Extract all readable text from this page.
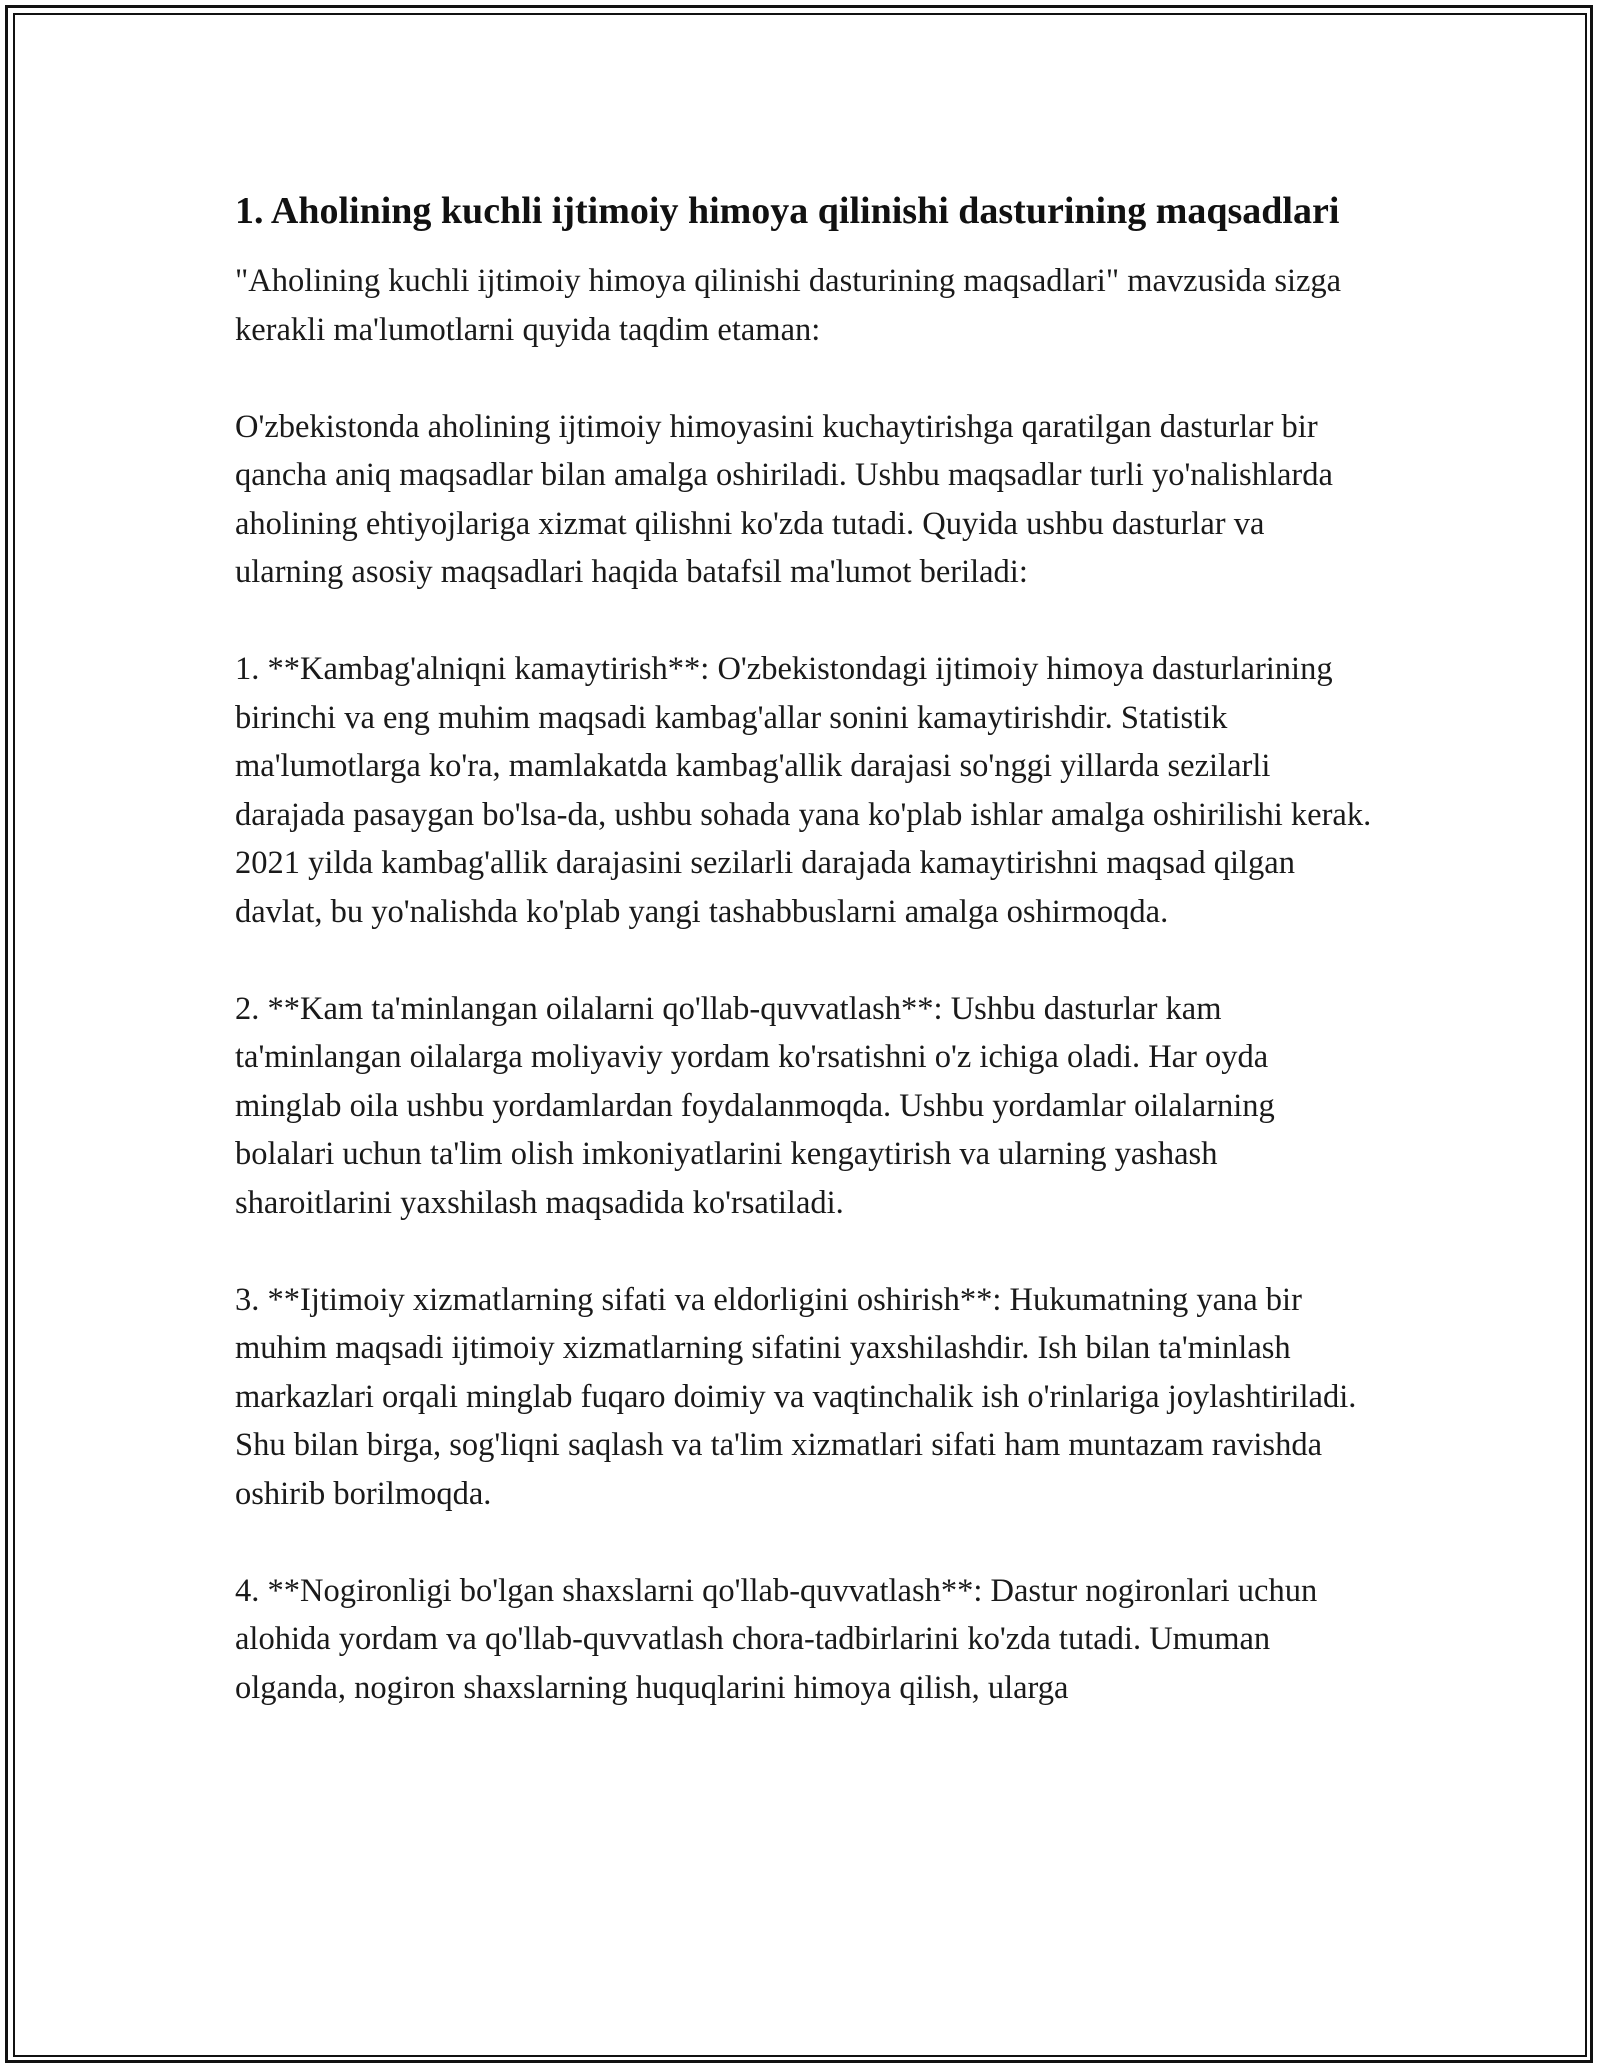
1. Aholining kuchli ijtimoiy himoya qilinishi dasturining maqsadlari

"Aholining kuchli ijtimoiy himoya qilinishi dasturining maqsadlari" mavzusida sizga kerakli ma'lumotlarni quyida taqdim etaman:

O'zbekistonda aholining ijtimoiy himoyasini kuchaytirishga qaratilgan dasturlar bir qancha aniq maqsadlar bilan amalga oshiriladi. Ushbu maqsadlar turli yo'nalishlarda aholining ehtiyojlariga xizmat qilishni ko'zda tutadi. Quyida ushbu dasturlar va ularning asosiy maqsadlari haqida batafsil ma'lumot beriladi:

1. **Kambag'alniqni kamaytirish**: O'zbekistondagi ijtimoiy himoya dasturlarining birinchi va eng muhim maqsadi kambag'allar sonini kamaytirishdir. Statistik ma'lumotlarga ko'ra, mamlakatda kambag'allik darajasi so'nggi yillarda sezilarli darajada pasaygan bo'lsa-da, ushbu sohada yana ko'plab ishlar amalga oshirilishi kerak. 2021 yilda kambag'allik darajasini sezilarli darajada kamaytirishni maqsad qilgan davlat, bu yo'nalishda ko'plab yangi tashabbuslarni amalga oshirmoqda.

2. **Kam ta'minlangan oilalarni qo'llab-quvvatlash**: Ushbu dasturlar kam ta'minlangan oilalarga moliyaviy yordam ko'rsatishni o'z ichiga oladi. Har oyda minglab oila ushbu yordamlardan foydalanmoqda. Ushbu yordamlar oilalarning bolalari uchun ta'lim olish imkoniyatlarini kengaytirish va ularning yashash sharoitlarini yaxshilash maqsadida ko'rsatiladi.

3. **Ijtimoiy xizmatlarning sifati va eldorligini oshirish**: Hukumatning yana bir muhim maqsadi ijtimoiy xizmatlarning sifatini yaxshilashdir. Ish bilan ta'minlash markazlari orqali minglab fuqaro doimiy va vaqtinchalik ish o'rinlariga joylashtiriladi. Shu bilan birga, sog'liqni saqlash va ta'lim xizmatlari sifati ham muntazam ravishda oshirib borilmoqda.

4. **Nogironligi bo'lgan shaxslarni qo'llab-quvvatlash**: Dastur nogironlari uchun alohida yordam va qo'llab-quvvatlash chora-tadbirlarini ko'zda tutadi. Umuman olganda, nogiron shaxslarning huquqlarini himoya qilish, ularga
